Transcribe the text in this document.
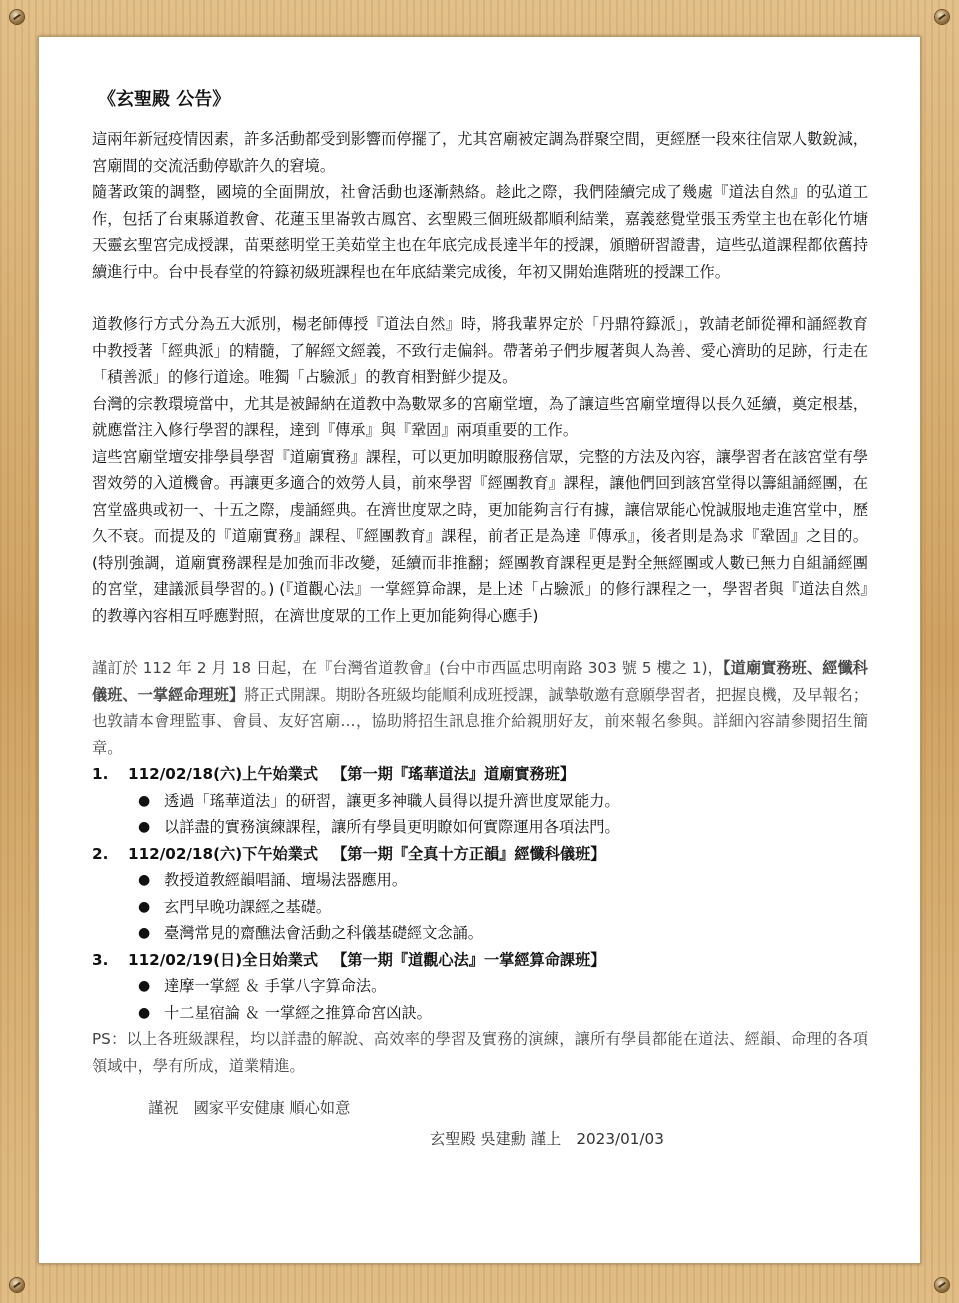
《玄聖殿 公告》

這兩年新冠疫情因素，許多活動都受到影響而停擺了，尤其宮廟被定調為群聚空間，更經歷一段來往信眾人數銳減，宮廟間的交流活動停歇許久的窘境。

隨著政策的調整，國境的全面開放，社會活動也逐漸熱絡。趁此之際，我們陸續完成了幾處『道法自然』的弘道工作，包括了台東縣道教會、花蓮玉里崙敦古鳳宮、玄聖殿三個班級都順利結業，嘉義慈覺堂張玉秀堂主也在彰化竹塘天靈玄聖宮完成授課，苗栗慈明堂王美茹堂主也在年底完成長達半年的授課，頒贈研習證書，這些弘道課程都依舊持續進行中。台中長春堂的符籙初級班課程也在年底結業完成後，年初又開始進階班的授課工作。

道教修行方式分為五大派別，楊老師傳授『道法自然』時，將我輩界定於「丹鼎符籙派」，敦請老師從禪和誦經教育中教授著「經典派」的精髓，了解經文經義，不致行走偏斜。帶著弟子們步履著與人為善、愛心濟助的足跡，行走在「積善派」的修行道途。唯獨「占驗派」的教育相對鮮少提及。

台灣的宗教環境當中，尤其是被歸納在道教中為數眾多的宮廟堂壇，為了讓這些宮廟堂壇得以長久延續，奠定根基，就應當注入修行學習的課程，達到『傳承』與『鞏固』兩項重要的工作。

這些宮廟堂壇安排學員學習『道廟實務』課程，可以更加明瞭服務信眾，完整的方法及內容，讓學習者在該宮堂有學習效勞的入道機會。再讓更多適合的效勞人員，前來學習『經團教育』課程，讓他們回到該宮堂得以籌組誦經團，在宮堂盛典或初一、十五之際，虔誦經典。在濟世度眾之時，更加能夠言行有據，讓信眾能心悅誠服地走進宮堂中，歷久不衰。而提及的『道廟實務』課程、『經團教育』課程，前者正是為達『傳承』，後者則是為求『鞏固』之目的。(特別強調，道廟實務課程是加強而非改變，延續而非推翻；經團教育課程更是對全無經團或人數已無力自組誦經團的宮堂，建議派員學習的。) (『道觀心法』一掌經算命課，是上述「占驗派」的修行課程之一，學習者與『道法自然』的教導內容相互呼應對照，在濟世度眾的工作上更加能夠得心應手)

謹訂於 112 年 2 月 18 日起，在『台灣省道教會』(台中市西區忠明南路 303 號 5 樓之 1)，【道廟實務班、經懺科儀班、一掌經命理班】將正式開課。期盼各班級均能順利成班授課，誠摯敬邀有意願學習者，把握良機，及早報名；也敦請本會理監事、會員、友好宮廟…，協助將招生訊息推介給親朋好友，前來報名參與。詳細內容請參閱招生簡章。

1.	112/02/18(六)上午始業式 【第一期『瑤華道法』道廟實務班】
● 透過「瑤華道法」的研習，讓更多神職人員得以提升濟世度眾能力。
● 以詳盡的實務演練課程，讓所有學員更明瞭如何實際運用各項法門。
2.	112/02/18(六)下午始業式 【第一期『全真十方正韻』經懺科儀班】
● 教授道教經韻唱誦、壇場法器應用。
● 玄門早晚功課經之基礎。
● 臺灣常見的齋醮法會活動之科儀基礎經文念誦。
3.	112/02/19(日)全日始業式 【第一期『道觀心法』一掌經算命課班】
● 達摩一掌經 ＆ 手掌八字算命法。
● 十二星宿論 ＆ 一掌經之推算命宮凶訣。

PS：以上各班級課程，均以詳盡的解說、高效率的學習及實務的演練，讓所有學員都能在道法、經韻、命理的各項領域中，學有所成，道業精進。

謹祝　國家平安健康 順心如意
玄聖殿 吳建勳 謹上　2023/01/03
